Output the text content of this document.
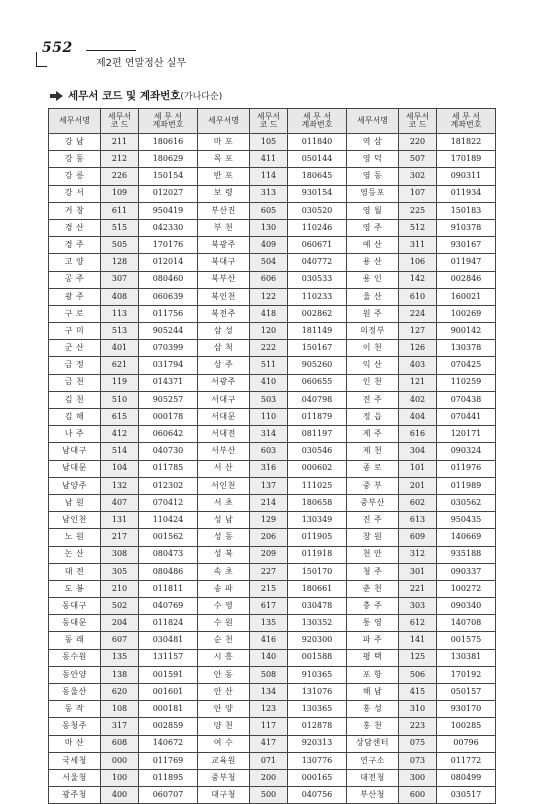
552
제2편 연말정산 실무
세무서 코드 및 계좌번호 (가나다순)
세무서명	세무서
코 드	세 무 서
계좌번호	세무서명	세무서
코 드	세 무 서
계좌번호	세무서명	세무서
코 드	세 무 서
계좌번호
강 남	211	180616	마 포	105	011840	역 삼	220	181822
강 동	212	180629	목 포	411	050144	영 덕	507	170189
강 릉	226	150154	반 포	114	180645	영 동	302	090311
강 서	109	012027	보 령	313	930154	영등포	107	011934
거 창	611	950419	부산진	605	030520	영 월	225	150183
경 산	515	042330	부 천	130	110246	영 주	512	910378
경 주	505	170176	북광주	409	060671	예 산	311	930167
고 양	128	012014	북대구	504	040772	용 산	106	011947
공 주	307	080460	북부산	606	030533	용 인	142	002846
광 주	408	060639	북인천	122	110233	울 산	610	160021
구 로	113	011756	북전주	418	002862	원 주	224	100269
구 미	513	905244	삼 성	120	181149	의정부	127	900142
군 산	401	070399	삼 척	222	150167	이 천	126	130378
금 정	621	031794	상 주	511	905260	익 산	403	070425
금 천	119	014371	서광주	410	060655	인 천	121	110259
김 천	510	905257	서대구	503	040798	전 주	402	070438
김 해	615	000178	서대문	110	011879	정 읍	404	070441
나 주	412	060642	서대전	314	081197	제 주	616	120171
남대구	514	040730	서부산	603	030546	제 천	304	090324
남대문	104	011785	서 산	316	000602	종 로	101	011976
남양주	132	012302	서인천	137	111025	중 부	201	011989
남 원	407	070412	서 초	214	180658	중부산	602	030562
남인천	131	110424	성 남	129	130349	진 주	613	950435
노 원	217	001562	성 동	206	011905	창 원	609	140669
논 산	308	080473	성 북	209	011918	천 안	312	935188
대 전	305	080486	속 초	227	150170	청 주	301	090337
도 봉	210	011811	송 파	215	180661	춘 천	221	100272
동대구	502	040769	수 영	617	030478	충 주	303	090340
동대문	204	011824	수 원	135	130352	통 영	612	140708
동 래	607	030481	순 천	416	920300	파 주	141	001575
동수원	135	131157	시 흥	140	001588	평 택	125	130381
동안양	138	001591	안 동	508	910365	포 항	506	170192
동울산	620	001601	안 산	134	131076	해 남	415	050157
동 작	108	000181	안 양	123	130365	홍 성	310	930170
동청주	317	002859	양 천	117	012878	홍 천	223	100285
마 산	608	140672	여 수	417	920313	상담센터	075	00796
국세청	000	011769	교육원	071	130776	연구소	073	011772
서울청	100	011895	중부청	200	000165	대전청	300	080499
광주청	400	060707	대구청	500	040756	부산청	600	030517
